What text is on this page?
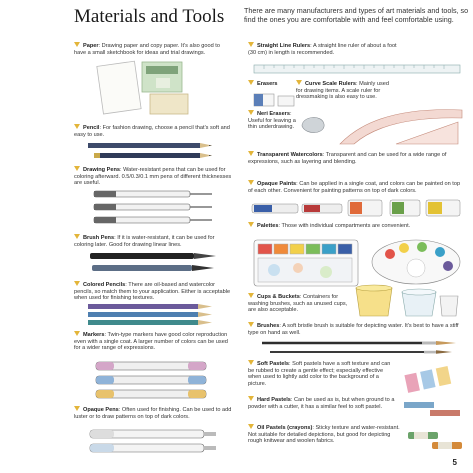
Materials and Tools	There are many manufacturers and types of art materials and tools, so find the ones you are comfortable with and feel comfortable using.
Paper: Drawing paper and copy paper. It's also good to have a small sketchbook for ideas and trial drawings.
Pencil: For fashion drawing, choose a pencil that's soft and easy to use.
Drawing Pens: Water-resistant pens that can be used for coloring afterward. 0.5/0.3/0.1 mm pens of different thicknesses are useful.
Brush Pens: If it is water-resistant, it can be used for coloring later. Good for drawing linear lines.
Colored Pencils: There are oil-based and watercolor pencils, so match them to your application. Either is acceptable when used for finishing textures.
Markers: Twin-type markers have good color reproduction even with a single coat. A larger number of colors can be used for a wider range of expressions.
Opaque Pens: Often used for finishing. Can be used to add luster or to draw patterns on top of dark colors.
Straight Line Rulers: A straight line ruler of about a foot (30 cm) in length is recommended.
Erasers	Curve Scale Rulers: Mainly used for drawing items. A scale ruler for dressmaking is also easy to use.
Neri Erasers: Useful for leaving a thin underdrawing.
Transparent Watercolors: Transparent and can be used for a wide range of expressions, such as layering and blending.
Opaque Paints: Can be applied in a single coat, and colors can be painted on top of each other. Convenient for painting patterns on top of dark colors.
Palettes: Those with individual compartments are convenient.
Cups & Buckets: Containers for washing brushes, such as unused cups, are also acceptable.
Brushes: A soft bristle brush is suitable for depicting water. It's best to have a stiff type on hand as well.
Soft Pastels: Soft pastels have a soft texture and can be rubbed to create a gentle effect; especially effective when used to lightly add color to the background of a picture.
Hard Pastels: Can be used as is, but when ground to a powder with a cutter, it has a similar feel to soft pastel.
Oil Pastels (crayons): Sticky texture and water-resistant. Not suitable for detailed depictions, but good for depicting rough knitwear and woolen fabrics.
5
